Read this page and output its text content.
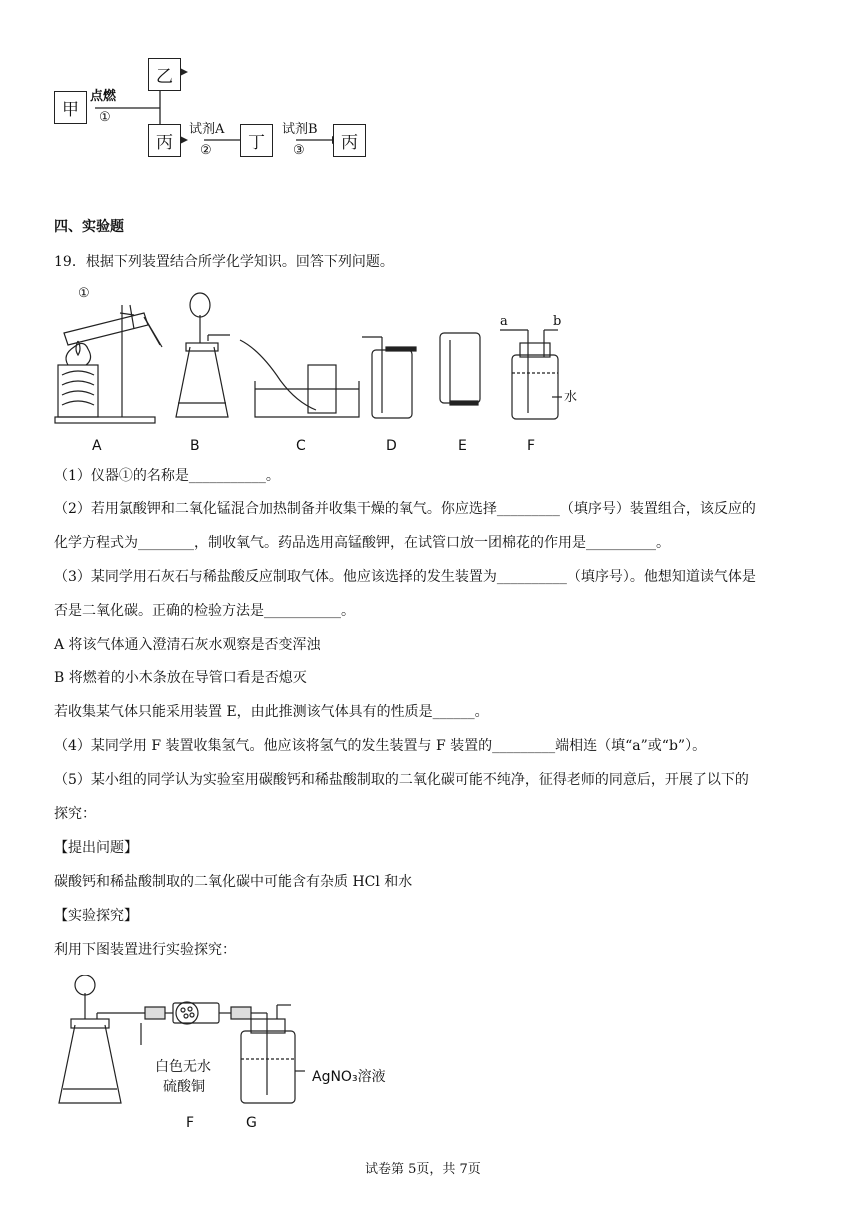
甲
乙
丙	丁	丙
点燃
①
试剂A
②
试剂B
③
四、实验题
19．根据下列装置结合所学化学知识。回答下列问题。
①
a	b
水
A	B	C	D	E	F
（1）仪器①的名称是___________。
（2）若用氯酸钾和二氧化锰混合加热制备并收集干燥的氧气。你应选择_________（填序号）装置组合，该反应的
化学方程式为________，制收氧气。药品选用高锰酸钾，在试管口放一团棉花的作用是__________。
（3）某同学用石灰石与稀盐酸反应制取气体。他应该选择的发生装置为__________（填序号）。他想知道读气体是
否是二氧化碳。正确的检验方法是___________。
A 将该气体通入澄清石灰水观察是否变浑浊
B 将燃着的小木条放在导管口看是否熄灭
若收集某气体只能采用装置 E，由此推测该气体具有的性质是______。
（4）某同学用 F 装置收集氢气。他应该将氢气的发生装置与 F 装置的_________端相连（填“a”或“b”）。
（5）某小组的同学认为实验室用碳酸钙和稀盐酸制取的二氧化碳可能不纯净，征得老师的同意后，开展了以下的
探究：
【提出问题】
碳酸钙和稀盐酸制取的二氧化碳中可能含有杂质 HCl 和水
【实验探究】
利用下图装置进行实验探究：
白色无水
硫酸铜
AgNO₃溶液
F	G
试卷第 5页，共 7页
